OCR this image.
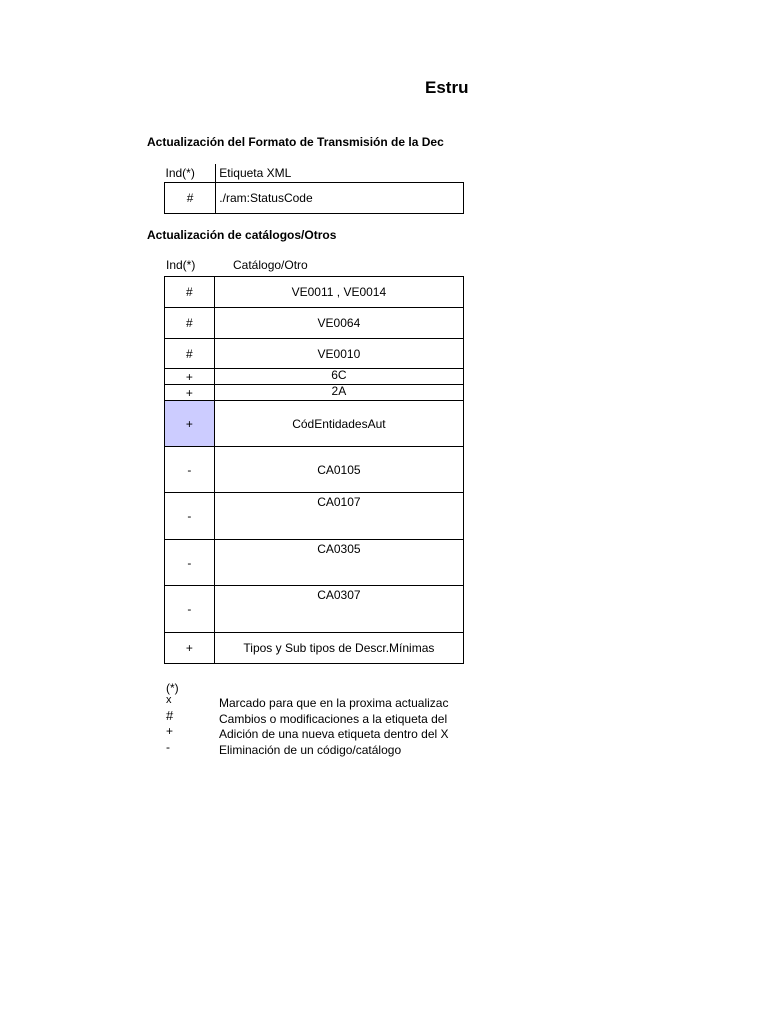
Estru
Actualización del Formato de Transmisión de la Dec
Ind(*)	Etiqueta XML
#	./ram:StatusCode
Actualización de catálogos/Otros
Ind(*)	Catálogo/Otro
#	VE0011 , VE0014
#	VE0064
#	VE0010
+	6C
+	2A
+	CódEntidadesAut
-	CA0105
-	CA0107
-	CA0305
-	CA0307
+	Tipos y Sub tipos de Descr.Mínimas
(*)
x	Marcado para que en la proxima actualizac
#	Cambios o modificaciones a la etiqueta del
+	Adición de una nueva etiqueta dentro del X
-	Eliminación de un código/catálogo
